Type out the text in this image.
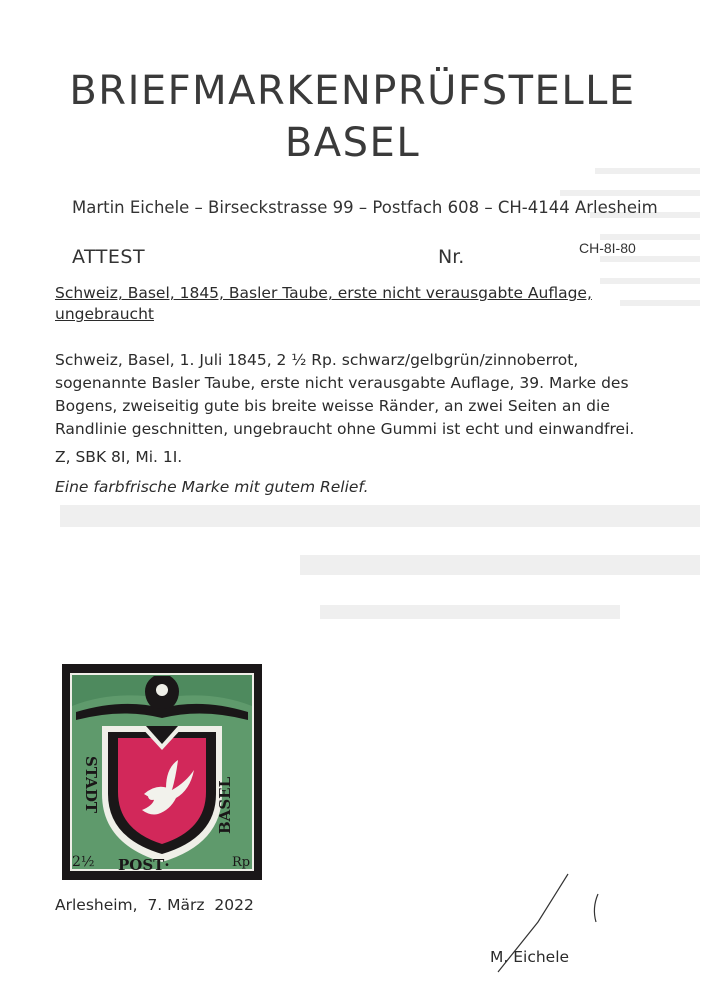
BRIEFMARKENPRÜFSTELLE
BASEL
Martin Eichele – Birseckstrasse 99 – Postfach 608 – CH-4144 Arlesheim
ATTEST	Nr.	CH-8I-80
Schweiz, Basel, 1845, Basler Taube, erste nicht verausgabte Auflage, ungebraucht
Schweiz, Basel, 1. Juli 1845, 2 ½ Rp. schwarz/gelbgrün/zinnoberrot, sogenannte Basler Taube, erste nicht verausgabte Auflage, 39. Marke des Bogens, zweiseitig gute bis breite weisse Ränder, an zwei Seiten an die Randlinie geschnitten, ungebraucht ohne Gummi ist echt und einwandfrei.
Z, SBK 8I, Mi. 1I.
Eine farbfrische Marke mit gutem Relief.
STADT	BASEL
POST·
2½	Rp
Arlesheim,  7. März  2022
M. Eichele
